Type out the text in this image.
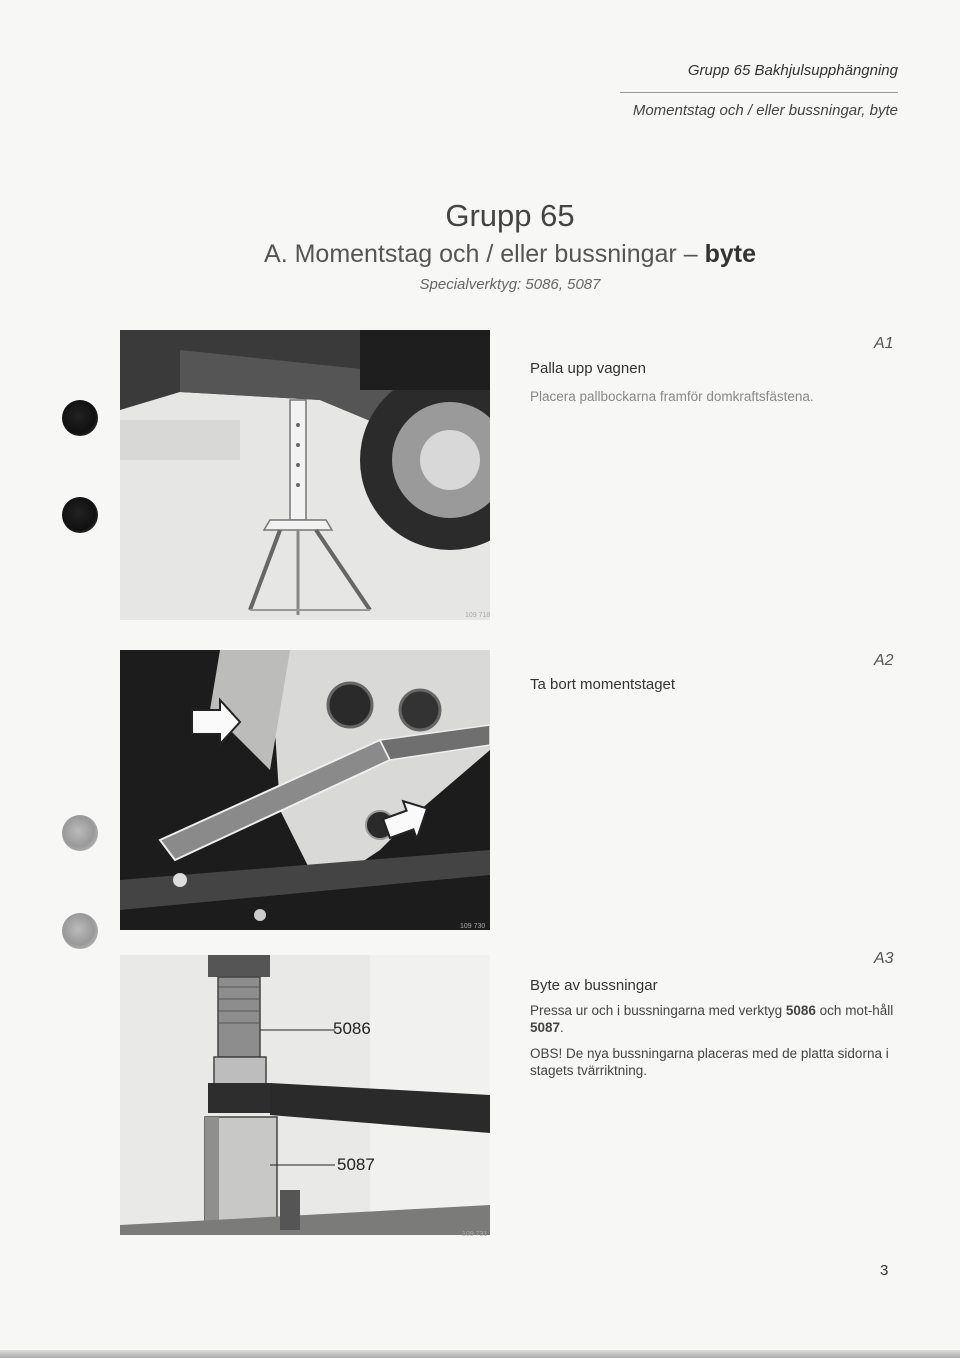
Grupp 65 Bakhjulsupphängning
Momentstag och / eller bussningar, byte
Grupp 65
A. Momentstag och / eller bussningar – byte
Specialverktyg: 5086, 5087
109 718
A1
Palla upp vagnen
Placera pallbockarna framför domkraftsfästena.
109 730
A2
Ta bort momentstaget
5086
5087
109 731
A3
Byte av bussningar
Pressa ur och i bussningarna med verktyg 5086 och mot-håll 5087.
OBS! De nya bussningarna placeras med de platta sidorna i stagets tvärriktning.
3
